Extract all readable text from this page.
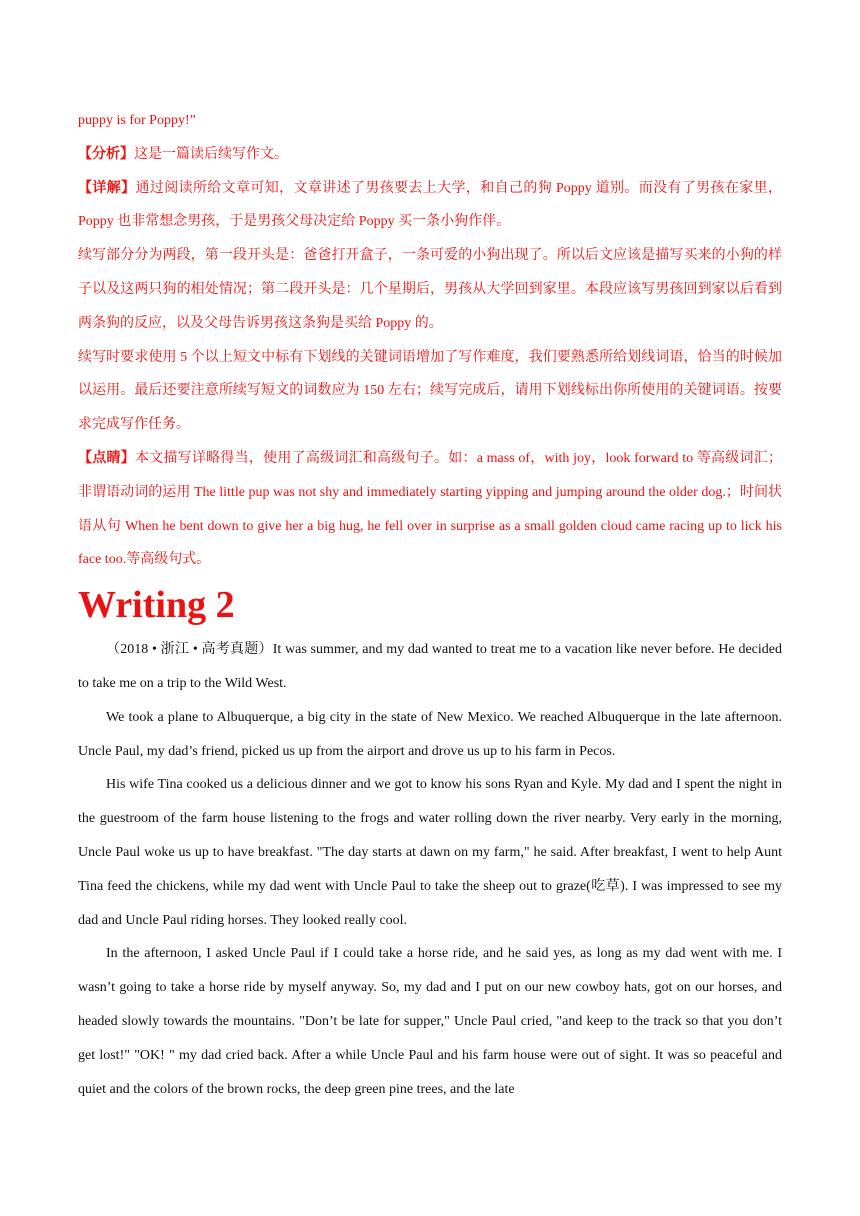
puppy is for Poppy!”

【分析】这是一篇读后续写作文。

【详解】通过阅读所给文章可知，文章讲述了男孩要去上大学，和自己的狗 Poppy 道别。而没有了男孩在家里，Poppy 也非常想念男孩，于是男孩父母决定给 Poppy 买一条小狗作伴。

续写部分分为两段，第一段开头是：爸爸打开盒子，一条可爱的小狗出现了。所以后文应该是描写买来的小狗的样子以及这两只狗的相处情况；第二段开头是：几个星期后，男孩从大学回到家里。本段应该写男孩回到家以后看到两条狗的反应，以及父母告诉男孩这条狗是买给 Poppy 的。

续写时要求使用 5 个以上短文中标有下划线的关键词语增加了写作难度，我们要熟悉所给划线词语，恰当的时候加以运用。最后还要注意所续写短文的词数应为 150 左右；续写完成后，请用下划线标出你所使用的关键词语。按要求完成写作任务。

【点睛】本文描写详略得当，使用了高级词汇和高级句子。如：a mass of，with joy，look forward to 等高级词汇；非谓语动词的运用 The little pup was not shy and immediately starting yipping and jumping around the older dog.；时间状语从句 When he bent down to give her a big hug, he fell over in surprise as a small golden cloud came racing up to lick his face too.等高级句式。

Writing 2

（2018 • 浙江 • 高考真题）It was summer, and my dad wanted to treat me to a vacation like never before. He decided to take me on a trip to the Wild West.

We took a plane to Albuquerque, a big city in the state of New Mexico. We reached Albuquerque in the late afternoon. Uncle Paul, my dad’s friend, picked us up from the airport and drove us up to his farm in Pecos.

His wife Tina cooked us a delicious dinner and we got to know his sons Ryan and Kyle. My dad and I spent the night in the guestroom of the farm house listening to the frogs and water rolling down the river nearby. Very early in the morning, Uncle Paul woke us up to have breakfast. "The day starts at dawn on my farm," he said. After breakfast, I went to help Aunt Tina feed the chickens, while my dad went with Uncle Paul to take the sheep out to graze(吃草). I was impressed to see my dad and Uncle Paul riding horses. They looked really cool.

In the afternoon, I asked Uncle Paul if I could take a horse ride, and he said yes, as long as my dad went with me. I wasn’t going to take a horse ride by myself anyway. So, my dad and I put on our new cowboy hats, got on our horses, and headed slowly towards the mountains. "Don’t be late for supper," Uncle Paul cried, "and keep to the track so that you don’t get lost!" "OK! " my dad cried back. After a while Uncle Paul and his farm house were out of sight. It was so peaceful and quiet and the colors of the brown rocks, the deep green pine trees, and the late
